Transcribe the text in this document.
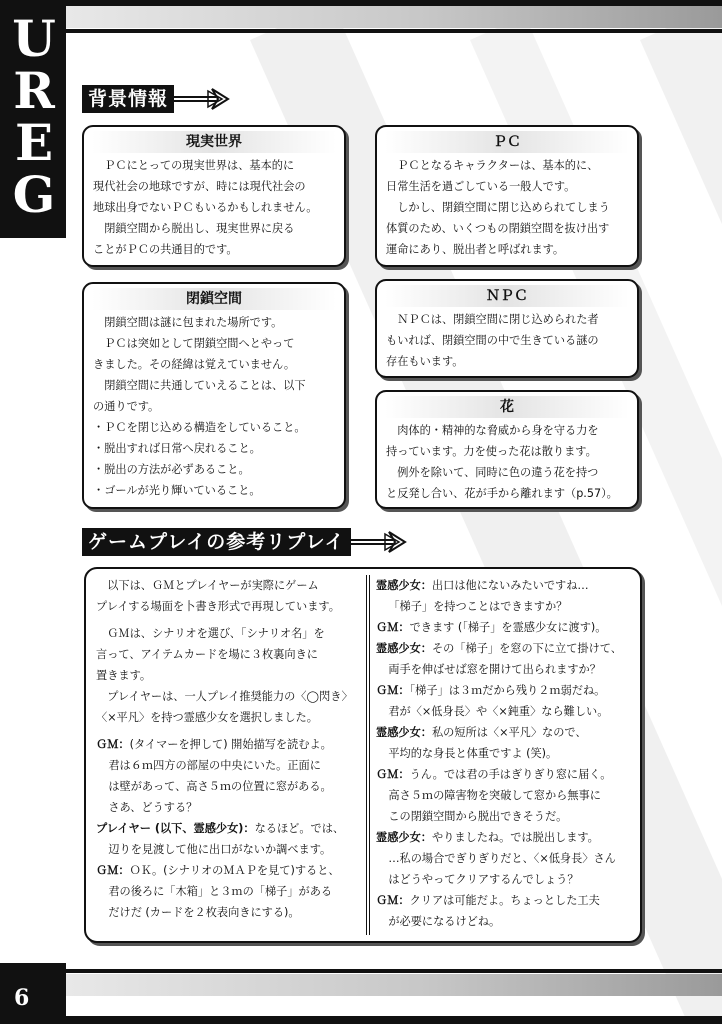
U
R
E
G
背景情報
現実世界

ＰＣにとっての現実世界は、基本的に

現代社会の地球ですが、時には現代社会の

地球出身でないＰＣもいるかもしれません。

閉鎖空間から脱出し、現実世界に戻る

ことがＰＣの共通目的です。

ＰＣ

ＰＣとなるキャラクターは、基本的に、

日常生活を過ごしている一般人です。

しかし、閉鎖空間に閉じ込められてしまう

体質のため、いくつもの閉鎖空間を抜け出す

運命にあり、脱出者と呼ばれます。

閉鎖空間

閉鎖空間は謎に包まれた場所です。

ＰＣは突如として閉鎖空間へとやって

きました。その経緯は覚えていません。

閉鎖空間に共通していえることは、以下

の通りです。

・ＰＣを閉じ込める構造をしていること。

・脱出すれば日常へ戻れること。

・脱出の方法が必ずあること。

・ゴールが光り輝いていること。

ＮＰＣ

ＮＰＣは、閉鎖空間に閉じ込められた者

もいれば、閉鎖空間の中で生きている謎の

存在もいます。

花

肉体的・精神的な脅威から身を守る力を

持っています。力を使った花は散ります。

例外を除いて、同時に色の違う花を持つ

と反発し合い、花が手から離れます（p.57）。

ゲームプレイの参考リプレイ

以下は、ＧＭとプレイヤーが実際にゲーム

プレイする場面を卜書き形式で再現しています。

ＧＭは、シナリオを選び、「シナリオ名」を

言って、アイテムカードを場に３枚裏向きに

置きます。

プレイヤーは、一人プレイ推奨能力の〈◯閃き〉

〈×平凡〉を持つ霊感少女を選択しました。

ＧＭ：(タイマーを押して) 開始描写を読むよ。

君は６ｍ四方の部屋の中央にいた。正面に

は壁があって、高さ５ｍの位置に窓がある。

さあ、どうする？

プレイヤー (以下、霊感少女)：なるほど。では、

辺りを見渡して他に出口がないか調べます。

ＧＭ：ＯＫ。(シナリオのＭＡＰを見て)すると、

君の後ろに「木箱」と３ｍの「梯子」がある

だけだ (カードを２枚表向きにする)。

霊感少女：出口は他にないみたいですね…

「梯子」を持つことはできますか？

ＧＭ：できます (「梯子」を霊感少女に渡す)。

霊感少女：その「梯子」を窓の下に立て掛けて、

両手を伸ばせば窓を開けて出られますか？

ＧＭ：「梯子」は３ｍだから残り２ｍ弱だね。

君が〈×低身長〉や〈×鈍重〉なら難しい。

霊感少女：私の短所は〈×平凡〉なので、

平均的な身長と体重ですよ (笑)。

ＧＭ：うん。では君の手はぎりぎり窓に届く。

高さ５ｍの障害物を突破して窓から無事に

この閉鎖空間から脱出できそうだ。

霊感少女：やりましたね。では脱出します。

…私の場合でぎりぎりだと、〈×低身長〉さん

はどうやってクリアするんでしょう？

ＧＭ：クリアは可能だよ。ちょっとした工夫

が必要になるけどね。

6
